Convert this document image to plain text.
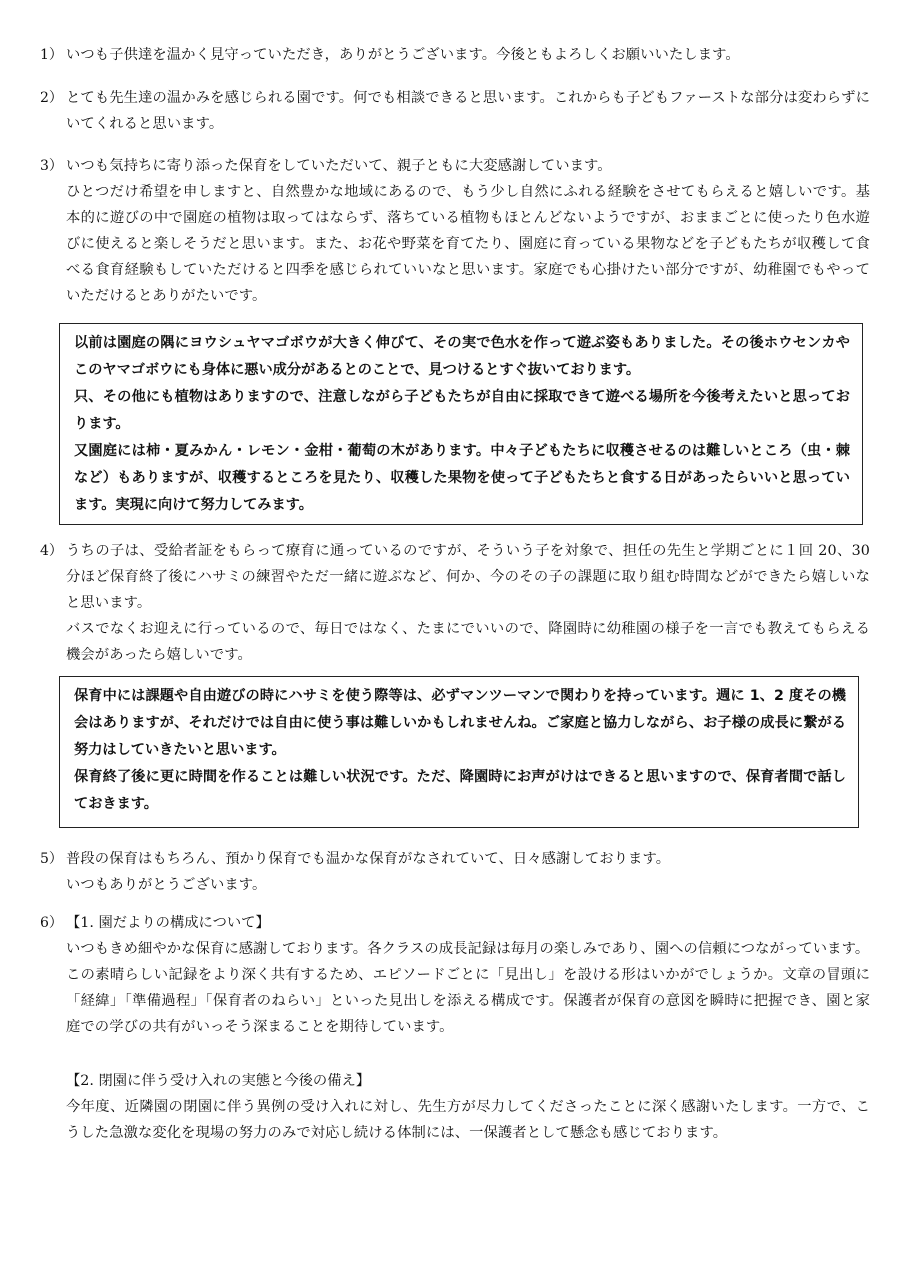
1） いつも子供達を温かく見守っていただき，ありがとうございます。今後ともよろしくお願いいたします。
2） とても先生達の温かみを感じられる園です。何でも相談できると思います。これからも子どもファーストな部分は変わらずにいてくれると思います。
3） いつも気持ちに寄り添った保育をしていただいて、親子ともに大変感謝しています。
ひとつだけ希望を申しますと、自然豊かな地域にあるので、もう少し自然にふれる経験をさせてもらえると嬉しいです。基本的に遊びの中で園庭の植物は取ってはならず、落ちている植物もほとんどないようですが、おままごとに使ったり色水遊びに使えると楽しそうだと思います。また、お花や野菜を育てたり、園庭に育っている果物などを子どもたちが収穫して食べる食育経験もしていただけると四季を感じられていいなと思います。家庭でも心掛けたい部分ですが、幼稚園でもやっていただけるとありがたいです。
以前は園庭の隅にヨウシュヤマゴボウが大きく伸びて、その実で色水を作って遊ぶ姿もありました。その後ホウセンカやこのヤマゴボウにも身体に悪い成分があるとのことで、見つけるとすぐ抜いております。
只、その他にも植物はありますので、注意しながら子どもたちが自由に採取できて遊べる場所を今後考えたいと思っております。
又園庭には柿・夏みかん・レモン・金柑・葡萄の木があります。中々子どもたちに収穫させるのは難しいところ（虫・棘など）もありますが、収穫するところを見たり、収穫した果物を使って子どもたちと食する日があったらいいと思っています。実現に向けて努力してみます。
4） うちの子は、受給者証をもらって療育に通っているのですが、そういう子を対象で、担任の先生と学期ごとに１回 20、30 分ほど保育終了後にハサミの練習やただ一緒に遊ぶなど、何か、今のその子の課題に取り組む時間などができたら嬉しいなと思います。
バスでなくお迎えに行っているので、毎日ではなく、たまにでいいので、降園時に幼稚園の様子を一言でも教えてもらえる機会があったら嬉しいです。
保育中には課題や自由遊びの時にハサミを使う際等は、必ずマンツーマンで関わりを持っています。週に 1、2 度その機会はありますが、それだけでは自由に使う事は難しいかもしれませんね。ご家庭と協力しながら、お子様の成長に繋がる努力はしていきたいと思います。
保育終了後に更に時間を作ることは難しい状況です。ただ、降園時にお声がけはできると思いますので、保育者間で話しておきます。
5） 普段の保育はもちろん、預かり保育でも温かな保育がなされていて、日々感謝しております。
いつもありがとうございます。
6） 【1. 園だよりの構成について】
いつもきめ細やかな保育に感謝しております。各クラスの成長記録は毎月の楽しみであり、園への信頼につながっています。
この素晴らしい記録をより深く共有するため、エピソードごとに「見出し」を設ける形はいかがでしょうか。文章の冒頭に「経緯」「準備過程」「保育者のねらい」といった見出しを添える構成です。保護者が保育の意図を瞬時に把握でき、園と家庭での学びの共有がいっそう深まることを期待しています。
【2. 閉園に伴う受け入れの実態と今後の備え】
今年度、近隣園の閉園に伴う異例の受け入れに対し、先生方が尽力してくださったことに深く感謝いたします。一方で、こうした急激な変化を現場の努力のみで対応し続ける体制には、一保護者として懸念も感じております。
